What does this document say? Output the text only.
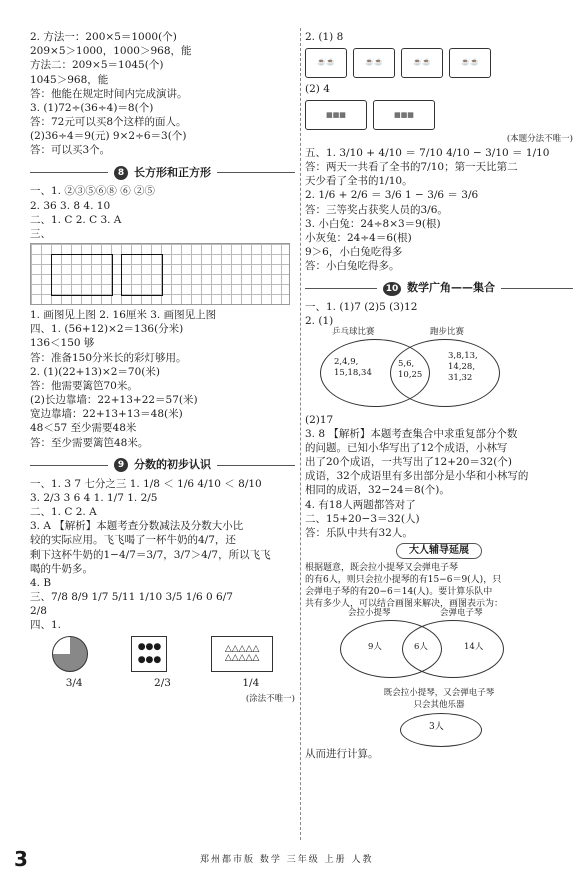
2. 方法一：200×5＝1000(个)
209×5＞1000，1000＞968，能
方法二：209×5＝1045(个)
1045＞968，能
答：他能在规定时间内完成演讲。
3. (1)72÷(36÷4)＝8(个)
答：72元可以买8个这样的面人。
(2)36÷4＝9(元) 9×2÷6＝3(个)
答：可以买3个。
8 长方形和正方形
一、1. ②③⑤⑥⑧ ⑥ ②⑤
2. 36 3. 8 4. 10
二、1. C 2. C 3. A
三、
1. 画图见上图 2. 16厘米 3. 画图见上图
四、1. (56+12)×2＝136(分米)
136＜150 够
答：准备150分米长的彩灯够用。
2. (1)(22+13)×2＝70(米)
答：他需要篱笆70米。
(2)长边靠墙：22+13+22＝57(米)
宽边靠墙：22+13+13＝48(米)
48＜57 至少需要48米
答：至少需要篱笆48米。
9 分数的初步认识
一、1. 3 7 七分之三 1. 1/8 ＜ 1/6 4/10 ＜ 8/10
3. 2/3 3 6 4 1. 1/7 1. 2/5
二、1. C 2. A
3. A 【解析】本题考查分数减法及分数大小比
较的实际应用。飞飞喝了一杯牛奶的4/7，还
剩下这杯牛奶的1−4/7＝3/7，3/7＞4/7，所以飞飞
喝的牛奶多。
4. B
三、7/8 8/9 1/7 5/11 1/10 3/5 1/6 0 6/7
2/8
四、1.
●●●
●●●
△△△△△
△△△△△
3/4	2/3	1/4
(涂法不唯一)
2. (1) 8
☕☕	☕☕	☕☕	☕☕
(2) 4
▦▦▦	▦▦▦
(本题分法不唯一)
五、1. 3/10 + 4/10 ＝ 7/10 4/10 − 3/10 ＝ 1/10
答：两天一共看了全书的7/10；第一天比第二
天少看了全书的1/10。
2. 1/6 + 2/6 ＝ 3/6 1 − 3/6 ＝ 3/6
答：三等奖占获奖人员的3/6。
3. 小白兔：24÷8×3＝9(根)
小灰兔：24÷4＝6(根)
9＞6，小白兔吃得多
答：小白兔吃得多。
10 数学广角——集合
一、1. (1)7 (2)5 (3)12
2. (1)
乒乓球比赛	跑步比赛
2,4,9,
15,18,34
5,6,
10,25
3,8,13,
14,28,
31,32
(2)17
3. 8 【解析】本题考查集合中求重复部分个数
的问题。已知小华写出了12个成语，小林写
出了20个成语，一共写出了12+20＝32(个)
成语，32个成语里有多出部分是小华和小林写的
相同的成语，32−24＝8(个)。
4. 有18人两题都答对了
二、15+20−3＝32(人)
答：乐队中共有32人。
大人辅导延展
根据题意，既会拉小提琴又会弹电子琴
的有6人，则只会拉小提琴的有15−6＝9(人)，只
会弹电子琴的有20−6＝14(人)。要计算乐队中
共有多少人，可以结合画图来解决，画图表示为：
会拉小提琴	会弹电子琴
9人	6人	14人
既会拉小提琴，又会弹电子琴
只会其他乐器
3人
从而进行计算。
3	郑州都市版 数学 三年级 上册 人教
